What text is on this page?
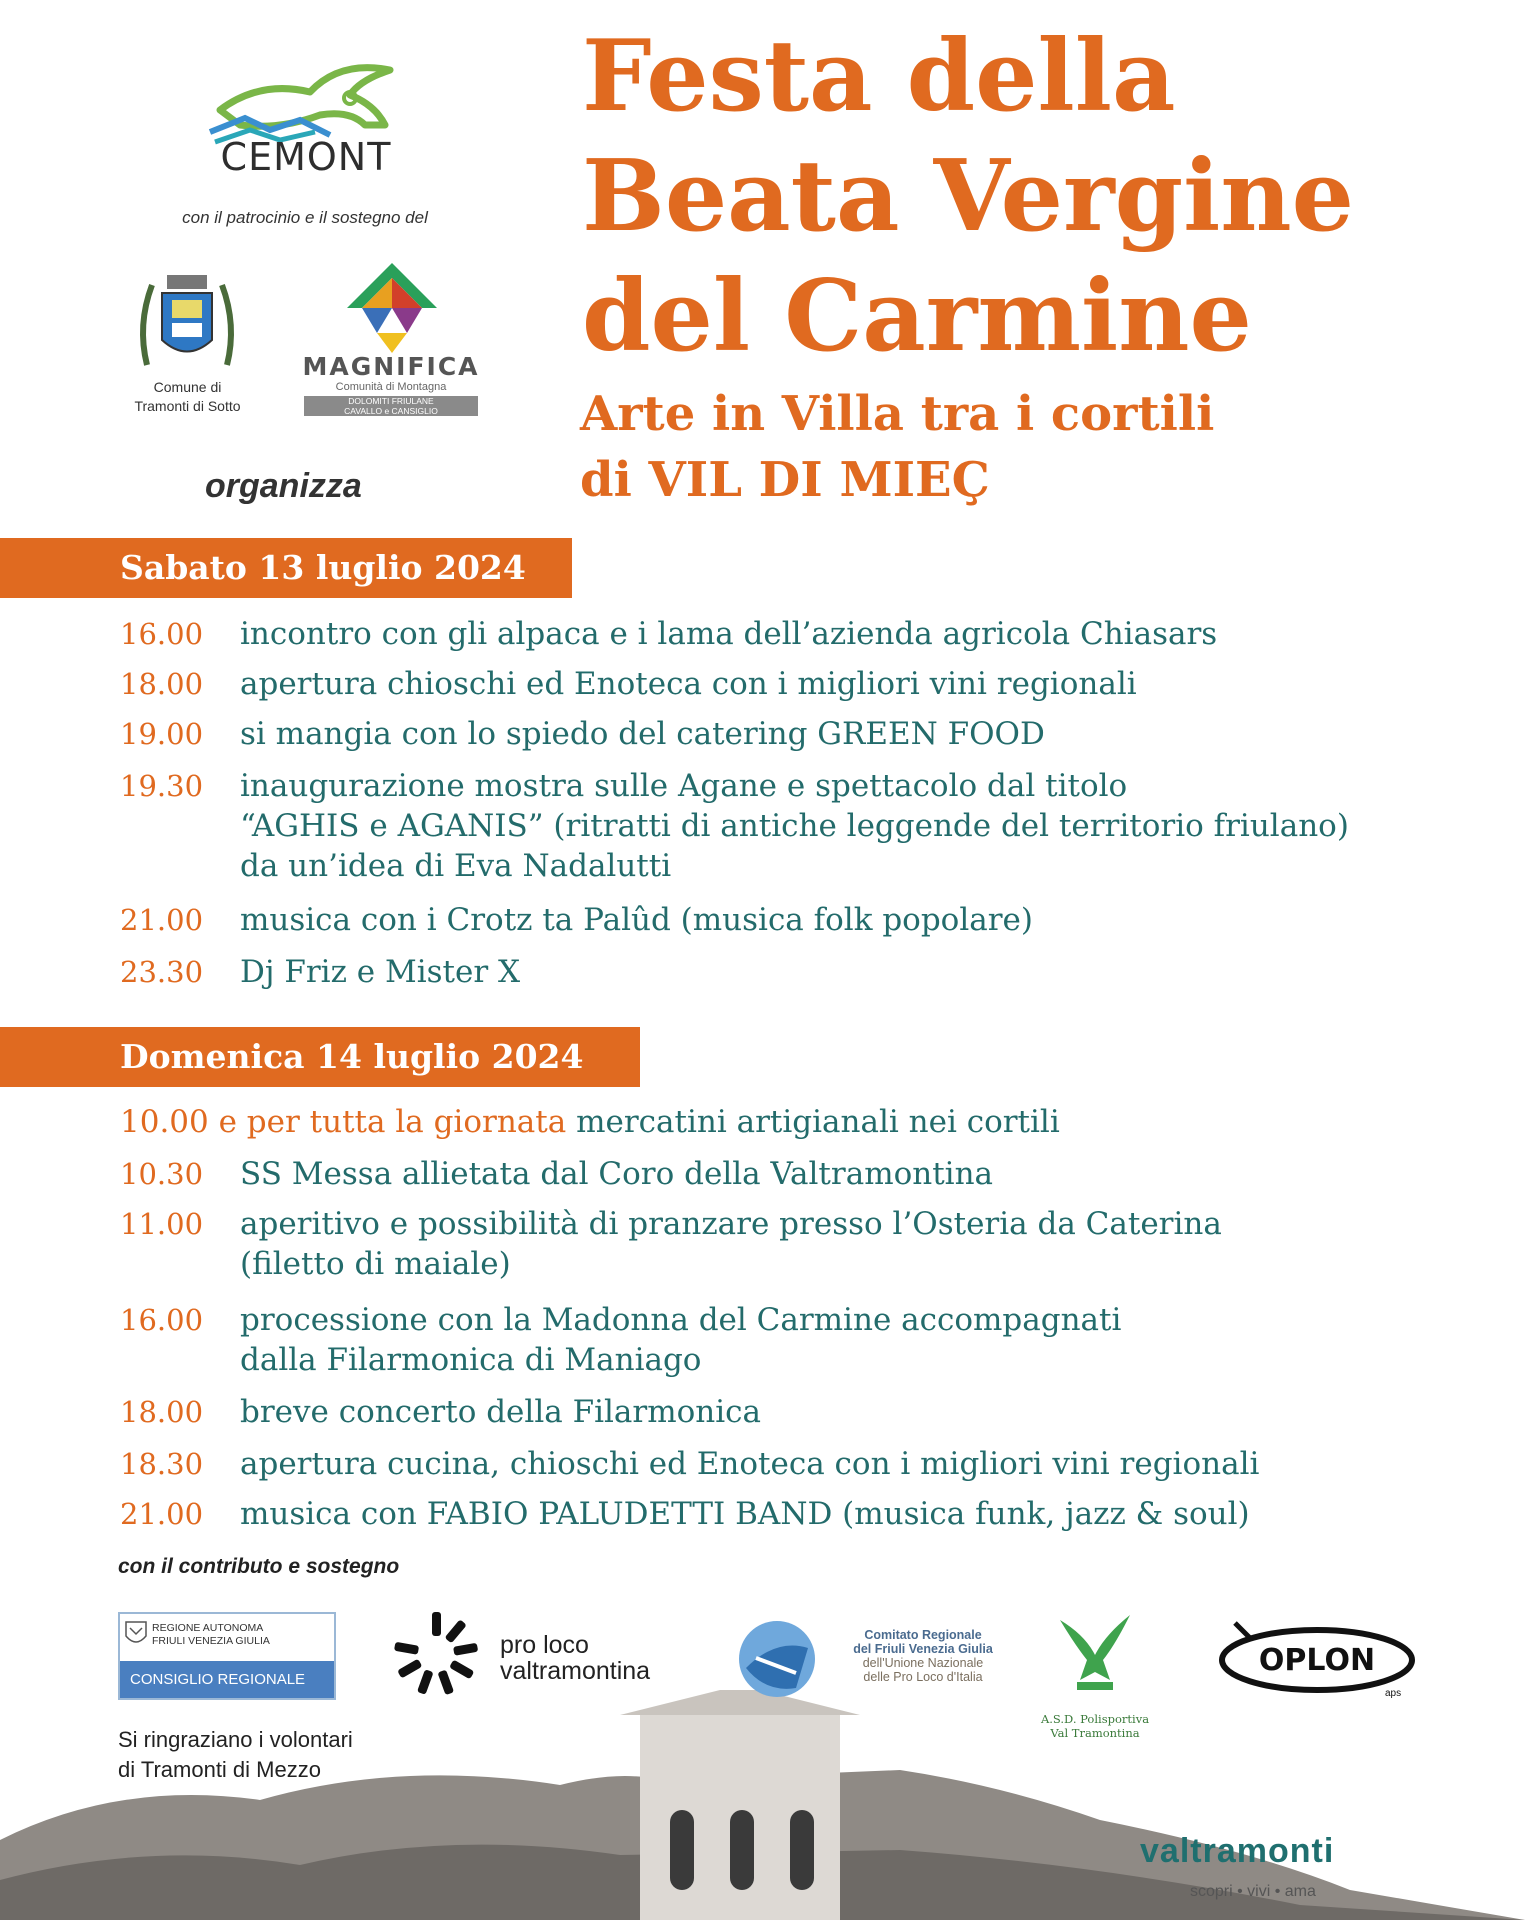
CEMONT
con il patrocinio e il sostegno del
Comune di
Tramonti di Sotto
MAGNIFICA
Comunità di Montagna
DOLOMITI FRIULANE
CAVALLO e CANSIGLIO
organizza
Festa della
Beata Vergine
del Carmine
Arte in Villa tra i cortili
di VIL DI MIEÇ
Sabato 13 luglio 2024
16.00 incontro con gli alpaca e i lama dell’azienda agricola Chiasars
18.00 apertura chioschi ed Enoteca con i migliori vini regionali
19.00 si mangia con lo spiedo del catering GREEN FOOD
19.30 inaugurazione mostra sulle Agane e spettacolo dal titolo
“AGHIS e AGANIS” (ritratti di antiche leggende del territorio friulano)
da un’idea di Eva Nadalutti
21.00 musica con i Crotz ta Palûd (musica folk popolare)
23.30 Dj Friz e Mister X
Domenica 14 luglio 2024
10.00 e per tutta la giornata mercatini artigianali nei cortili
10.30 SS Messa allietata dal Coro della Valtramontina
11.00 aperitivo e possibilità di pranzare presso l’Osteria da Caterina
(filetto di maiale)
16.00 processione con la Madonna del Carmine accompagnati
dalla Filarmonica di Maniago
18.00 breve concerto della Filarmonica
18.30 apertura cucina, chioschi ed Enoteca con i migliori vini regionali
21.00 musica con FABIO PALUDETTI BAND (musica funk, jazz & soul)
con il contributo e sostegno
REGIONE AUTONOMA
FRIULI VENEZIA GIULIA
CONSIGLIO REGIONALE
pro loco
valtramontina
Comitato Regionale
del Friuli Venezia Giulia
dell'Unione Nazionale
delle Pro Loco d'Italia
A.S.D. Polisportiva
Val Tramontina
OPLON
aps
Si ringraziano i volontari
di Tramonti di Mezzo
valtramonti
scopri • vivi • ama
